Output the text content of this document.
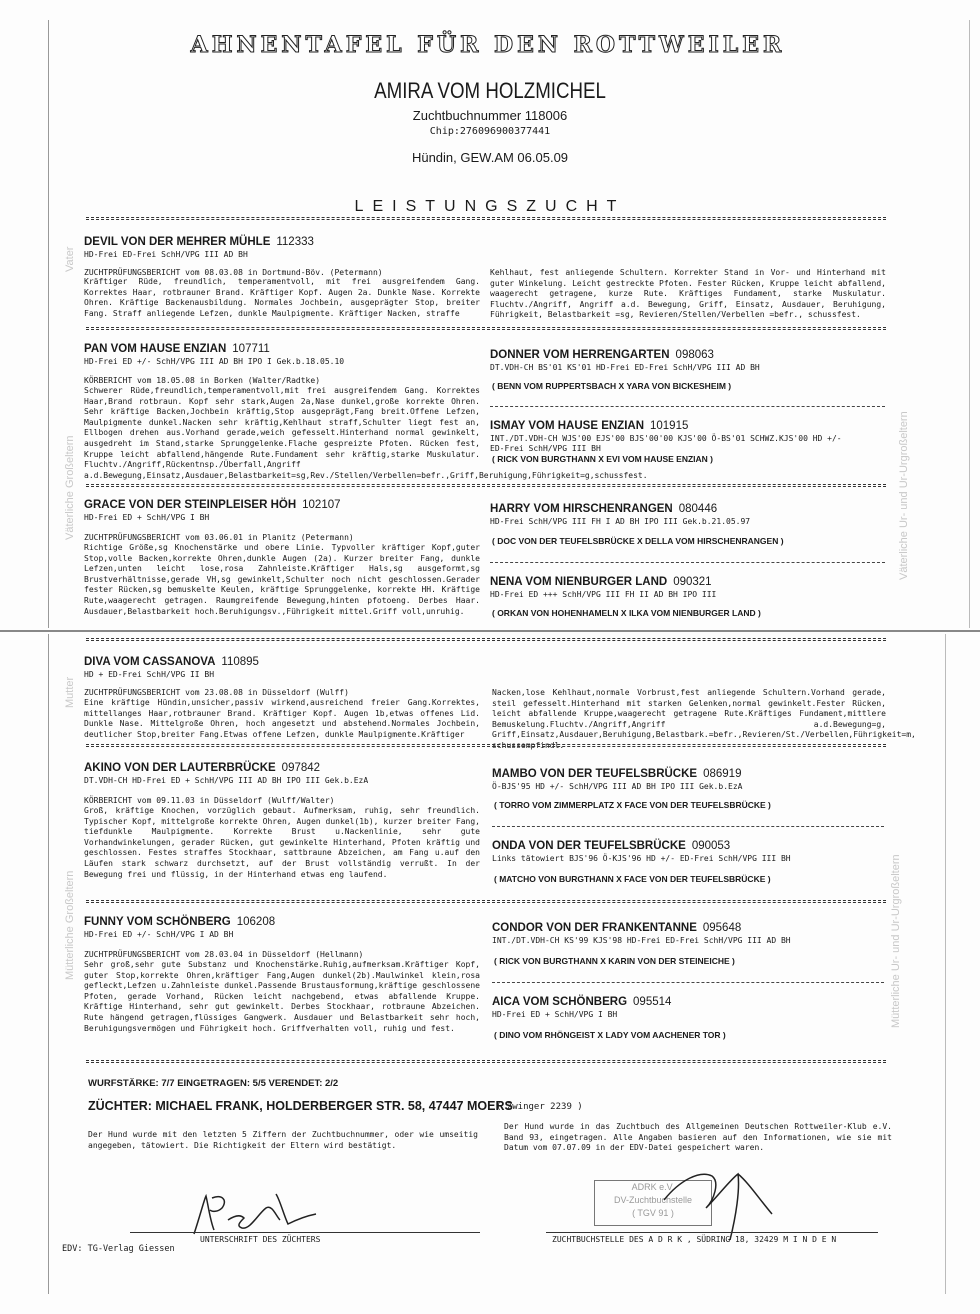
AHNENTAFEL FÜR DEN ROTTWEILER
AMIRA VOM HOLZMICHEL
Zuchtbuchnummer 118006
Chip:276096900377441
Hündin, GEW.AM 06.05.09
LEISTUNGSZUCHT
Vater
Väterliche Großeltern	Väterliche Ur- und Ur-Urgroßeltern
Mutter
Mütterliche Großeltern	Mütterliche Ur- und Ur-Urgroßeltern
DEVIL VON DER MEHRER MÜHLE 112333
HD-Frei ED-Frei SchH/VPG III AD BH
ZUCHTPRÜFUNGSBERICHT vom 08.03.08 in Dortmund-Böv. (Petermann)
Kräftiger Rüde, freundlich, temperamentvoll, mit frei ausgreifendem Gang. Korrektes Haar, rotbrauner Brand. Kräftiger Kopf. Augen 2a. Dunkle Nase. Korrekte Ohren. Kräftige Backenausbildung. Normales Jochbein, ausgeprägter Stop, breiter Fang. Straff anliegende Lefzen, dunkle Maulpigmente. Kräftiger Nacken, straffe
Kehlhaut, fest anliegende Schultern. Korrekter Stand in Vor- und Hinterhand mit guter Winkelung. Leicht gestreckte Pfoten. Fester Rücken, Kruppe leicht abfallend, waagerecht getragene, kurze Rute. Kräftiges Fundament, starke Muskulatur. Fluchtv./Angriff, Angriff a.d. Bewegung, Griff, Einsatz, Ausdauer, Beruhigung, Führigkeit, Belastbarkeit =sg, Revieren/Stellen/Verbellen =befr., schussfest.
PAN VOM HAUSE ENZIAN 107711
HD-Frei ED +/- SchH/VPG III AD BH IPO I Gek.b.18.05.10
KÖRBERICHT vom 18.05.08 in Borken (Walter/Radtke)
Schwerer Rüde,freundlich,temperamentvoll,mit frei ausgreifendem Gang. Korrektes Haar,Brand rotbraun. Kopf sehr stark,Augen 2a,Nase dunkel,große korrekte Ohren. Sehr kräftige Backen,Jochbein kräftig,Stop ausgeprägt,Fang breit.Offene Lefzen, Maulpigmente dunkel.Nacken sehr kräftig,Kehlhaut straff,Schulter liegt fest an, Ellbogen drehen aus.Vorhand gerade,weich gefesselt.Hinterhand normal gewinkelt, ausgedreht im Stand,starke Sprunggelenke.Flache gespreizte Pfoten. Rücken fest, Kruppe leicht abfallend,hängende Rute.Fundament sehr kräftig,starke Muskulatur. Fluchtv./Angriff,Rückentnsp./Überfall,Angriff a.d.Bewegung,Einsatz,Ausdauer,Belastbarkeit=sg,Rev./Stellen/Verbellen=befr.,Griff,Beruhigung,Führigkeit=g,schussfest.
DONNER VOM HERRENGARTEN 098063
DT.VDH-CH BS'01 KS'01 HD-Frei ED-Frei SchH/VPG III AD BH
( BENN VOM RUPPERTSBACH X YARA VON BICKESHEIM )
ISMAY VOM HAUSE ENZIAN 101915
INT./DT.VDH-CH WJS'00 EJS'00 BJS'00'00 KJS'00 Ö-BS'01 SCHWZ.KJS'00 HD +/-
ED-Frei SchH/VPG III BH
( RICK VON BURGTHANN X EVI VOM HAUSE ENZIAN )
GRACE VON DER STEINPLEISER HÖH 102107
HD-Frei ED + SchH/VPG I BH
ZUCHTPRÜFUNGSBERICHT vom 03.06.01 in Planitz (Petermann)
Richtige Größe,sg Knochenstärke und obere Linie. Typvoller kräftiger Kopf,guter Stop,volle Backen,korrekte Ohren,dunkle Augen (2a). Kurzer breiter Fang, dunkle Lefzen,unten leicht lose,rosa Zahnleiste.Kräftiger Hals,sg ausgeformt,sg Brustverhältnisse,gerade VH,sg gewinkelt,Schulter noch nicht geschlossen.Gerader fester Rücken,sg bemuskelte Keulen, kräftige Sprunggelenke, korrekte HH. Kräftige Rute,waagerecht getragen. Raumgreifende Bewegung,hinten pfotoeng. Derbes Haar. Ausdauer,Belastbarkeit hoch.Beruhigungsv.,Führigkeit mittel.Griff voll,unruhig.
HARRY VOM HIRSCHENRANGEN 080446
HD-Frei SchH/VPG III FH I AD BH IPO III Gek.b.21.05.97
( DOC VON DER TEUFELSBRÜCKE X DELLA VOM HIRSCHENRANGEN )
NENA VOM NIENBURGER LAND 090321
HD-Frei ED +++ SchH/VPG III FH II AD BH IPO III
( ORKAN VON HOHENHAMELN X ILKA VOM NIENBURGER LAND )
DIVA VOM CASSANOVA 110895
HD + ED-Frei SchH/VPG II BH
ZUCHTPRÜFUNGSBERICHT vom 23.08.08 in Düsseldorf (Wulff)
Eine kräftige Hündin,unsicher,passiv wirkend,ausreichend freier Gang.Korrektes, mittellanges Haar,rotbrauner Brand. Kräftiger Kopf. Augen 1b,etwas offenes Lid. Dunkle Nase. Mittelgroße Ohren, hoch angesetzt und abstehend.Normales Jochbein, deutlicher Stop,breiter Fang.Etwas offene Lefzen, dunkle Maulpigmente.Kräftiger
Nacken,lose Kehlhaut,normale Vorbrust,fest anliegende Schultern.Vorhand gerade, steil gefesselt.Hinterhand mit starken Gelenken,normal gewinkelt.Fester Rücken, leicht abfallende Kruppe,waagerecht getragene Rute.Kräftiges Fundament,mittlere Bemuskelung.Fluchtv./Angriff,Angriff a.d.Bewegung=g, Griff,Einsatz,Ausdauer,Beruhigung,Belastbark.=befr.,Revieren/St./Verbellen,Führigkeit=m, schussempfindl.
AKINO VON DER LAUTERBRÜCKE 097842
DT.VDH-CH HD-Frei ED + SchH/VPG III AD BH IPO III Gek.b.EzA
KÖRBERICHT vom 09.11.03 in Düsseldorf (Wulff/Walter)
Groß, kräftige Knochen, vorzüglich gebaut. Aufmerksam, ruhig, sehr freundlich. Typischer Kopf, mittelgroße korrekte Ohren, Augen dunkel(1b), kurzer breiter Fang, tiefdunkle Maulpigmente. Korrekte Brust u.Nackenlinie, sehr gute Vorhandwinkelungen, gerader Rücken, gut gewinkelte Hinterhand, Pfoten kräftig und geschlossen. Festes straffes Stockhaar, sattbraune Abzeichen, am Fang u.auf den Läufen stark schwarz durchsetzt, auf der Brust vollständig verrußt. In der Bewegung frei und flüssig, in der Hinterhand etwas eng laufend.
MAMBO VON DER TEUFELSBRÜCKE 086919
Ö-BJS'95 HD +/- SchH/VPG III AD BH IPO III Gek.b.EzA
( TORRO VOM ZIMMERPLATZ X FACE VON DER TEUFELSBRÜCKE )
ONDA VON DER TEUFELSBRÜCKE 090053
Links tätowiert BJS'96 Ö-KJS'96 HD +/- ED-Frei SchH/VPG III BH
( MATCHO VON BURGTHANN X FACE VON DER TEUFELSBRÜCKE )
FUNNY VOM SCHÖNBERG 106208
HD-Frei ED +/- SchH/VPG I AD BH
ZUCHTPRÜFUNGSBERICHT vom 28.03.04 in Düsseldorf (Hellmann)
Sehr groß,sehr gute Substanz und Knochenstärke.Ruhig,aufmerksam.Kräftiger Kopf, guter Stop,korrekte Ohren,kräftiger Fang,Augen dunkel(2b).Maulwinkel klein,rosa gefleckt,Lefzen u.Zahnleiste dunkel.Passende Brustausformung,kräftige geschlossene Pfoten, gerade Vorhand, Rücken leicht nachgebend, etwas abfallende Kruppe. Kräftige Hinterhand, sehr gut gewinkelt. Derbes Stockhaar, rotbraune Abzeichen. Rute hängend getragen,flüssiges Gangwerk. Ausdauer und Belastbarkeit sehr hoch, Beruhigungsvermögen und Führigkeit hoch. Griffverhalten voll, ruhig und fest.
CONDOR VON DER FRANKENTANNE 095648
INT./DT.VDH-CH KS'99 KJS'98 HD-Frei ED-Frei SchH/VPG III AD BH
( RICK VON BURGTHANN X KARIN VON DER STEINEICHE )
AICA VOM SCHÖNBERG 095514
HD-Frei ED + SchH/VPG I BH
( DINO VOM RHÖNGEIST X LADY VOM AACHENER TOR )
WURFSTÄRKE: 7/7 EINGETRAGEN: 5/5 VERENDET: 2/2
ZÜCHTER: MICHAEL FRANK, HOLDERBERGER STR. 58, 47447 MOERS
( Zwinger 2239 )
Der Hund wurde mit den letzten 5 Ziffern der Zuchtbuchnummer, oder wie umseitig angegeben, tätowiert. Die Richtigkeit der Eltern wird bestätigt.
Der Hund wurde in das Zuchtbuch des Allgemeinen Deutschen Rottweiler-Klub e.V. Band 93, eingetragen. Alle Angaben basieren auf den Informationen, wie sie mit Datum vom 07.07.09 in der EDV-Datei gespeichert waren.
UNTERSCHRIFT DES ZÜCHTERS
ADRK e.V.
DV-Zuchtbuchstelle
( TGV 91 )
ZUCHTBUCHSTELLE DES A D R K , SÜDRING 18, 32429 M I N D E N
EDV: TG-Verlag Giessen
